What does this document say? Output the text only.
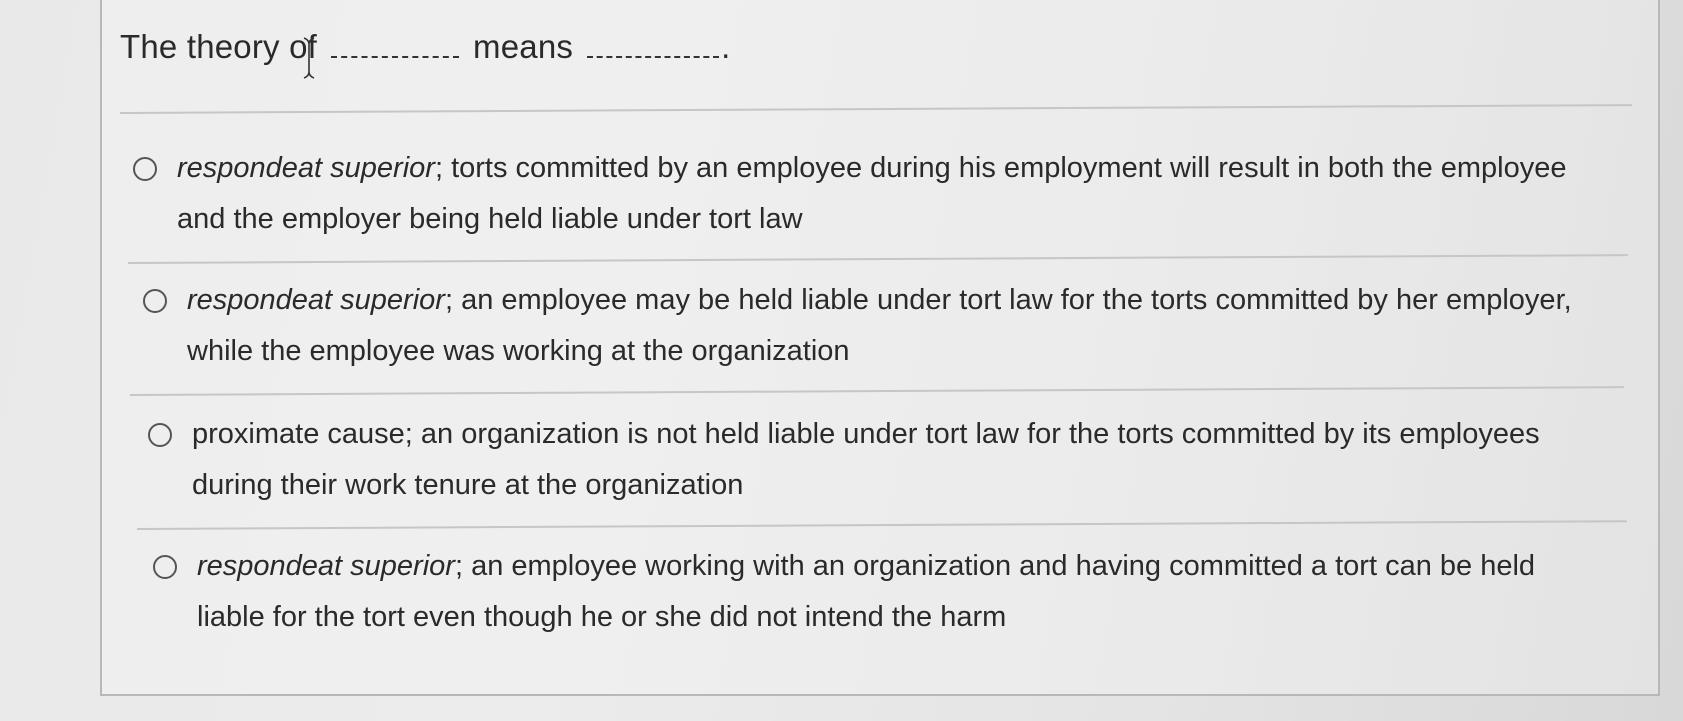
The theory of	means	.
respondeat superior; torts committed by an employee during his employment will result in both the employee and the employer being held liable under tort law
respondeat superior; an employee may be held liable under tort law for the torts committed by her employer, while the employee was working at the organization
proximate cause; an organization is not held liable under tort law for the torts committed by its employees during their work tenure at the organization
respondeat superior; an employee working with an organization and having committed a tort can be held liable for the tort even though he or she did not intend the harm
